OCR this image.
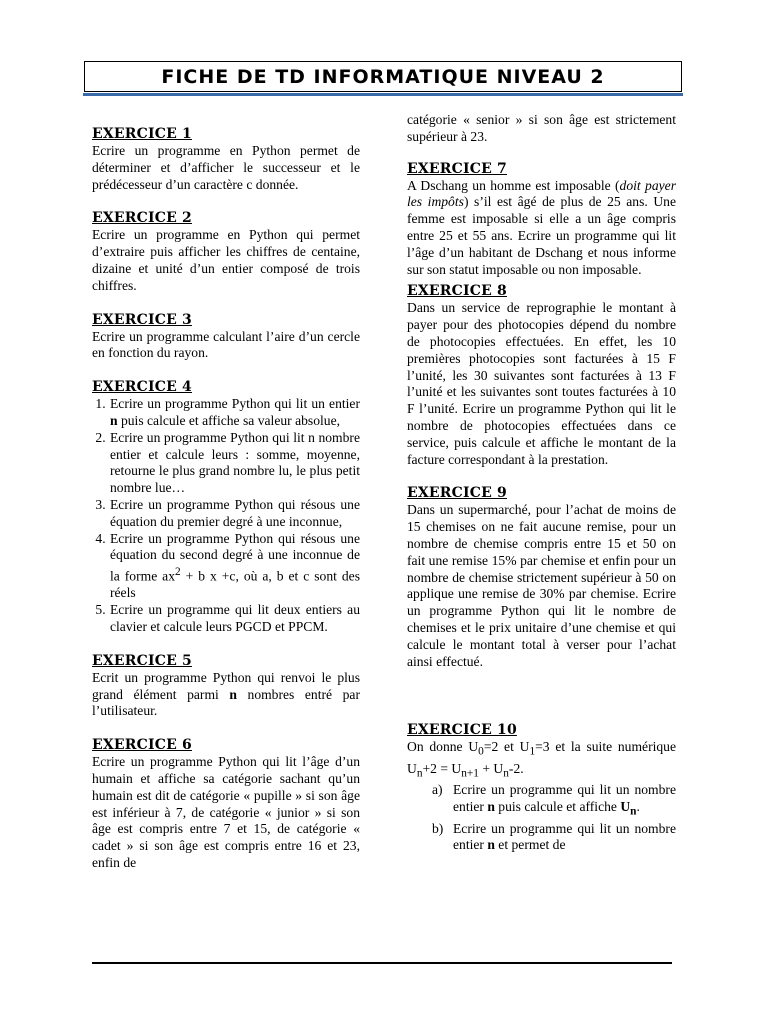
FICHE DE TD INFORMATIQUE NIVEAU 2
EXERCICE 1

Ecrire un programme en Python permet de déterminer et d’afficher le successeur et le prédécesseur d’un caractère c donnée.

EXERCICE 2

Ecrire un programme en Python qui permet d’extraire puis afficher les chiffres de centaine, dizaine et unité d’un entier composé de trois chiffres.

EXERCICE 3

Ecrire un programme calculant l’aire d’un cercle en fonction du rayon.

EXERCICE 4
1. Ecrire un programme Python qui lit un entier n puis calcule et affiche sa valeur absolue,
2. Ecrire un programme Python qui lit n nombre entier et calcule leurs : somme, moyenne, retourne le plus grand nombre lu, le plus petit nombre lue…
3. Ecrire un programme Python qui résous une équation du premier degré à une inconnue,
4. Ecrire un programme Python qui résous une équation du second degré à une inconnue de la forme $ax^2 + b$ x +c, où a, b et c sont des réels
5. Ecrire un programme qui lit deux entiers au clavier et calcule leurs PGCD et PPCM.
EXERCICE 5

Ecrit un programme Python qui renvoi le plus grand élément parmi n nombres entré par l’utilisateur.

EXERCICE 6

Ecrire un programme Python qui lit l’âge d’un humain et affiche sa catégorie sachant qu’un humain est dit de catégorie « pupille » si son âge est inférieur à 7, de catégorie « junior » si son âge est compris entre 7 et 15, de catégorie « cadet » si son âge est compris entre 16 et 23, enfin de

catégorie « senior » si son âge est strictement supérieur à 23.

EXERCICE 7

A Dschang un homme est imposable (doit payer les impôts) s’il est âgé de plus de 25 ans. Une femme est imposable si elle a un âge compris entre 25 et 55 ans. Ecrire un programme qui lit l’âge d’un habitant de Dschang et nous informe sur son statut imposable ou non imposable.

EXERCICE 8

Dans un service de reprographie le montant à payer pour des photocopies dépend du nombre de photocopies effectuées. En effet, les 10 premières photocopies sont facturées à 15 F l’unité, les 30 suivantes sont facturées à 13 F l’unité et les suivantes sont toutes facturées à 10 F l’unité. Ecrire un programme Python qui lit le nombre de photocopies effectuées dans ce service, puis calcule et affiche le montant de la facture correspondant à la prestation.

EXERCICE 9

Dans un supermarché, pour l’achat de moins de 15 chemises on ne fait aucune remise, pour un nombre de chemise compris entre 15 et 50 on fait une remise 15% par chemise et enfin pour un nombre de chemise strictement supérieur à 50 on applique une remise de 30% par chemise. Ecrire un programme Python qui lit le nombre de chemises et le prix unitaire d’une chemise et qui calcule le montant total à verser pour l’achat ainsi effectué.

EXERCICE 10

On donne $U_0=2$ et $U_1=3$ et la suite numérique $U_n+2 = U_{n+1} + U_n-2$.

a) Ecrire un programme qui lit un nombre entier n puis calcule et affiche $U_n$.
b) Ecrire un programme qui lit un nombre entier n et permet de
